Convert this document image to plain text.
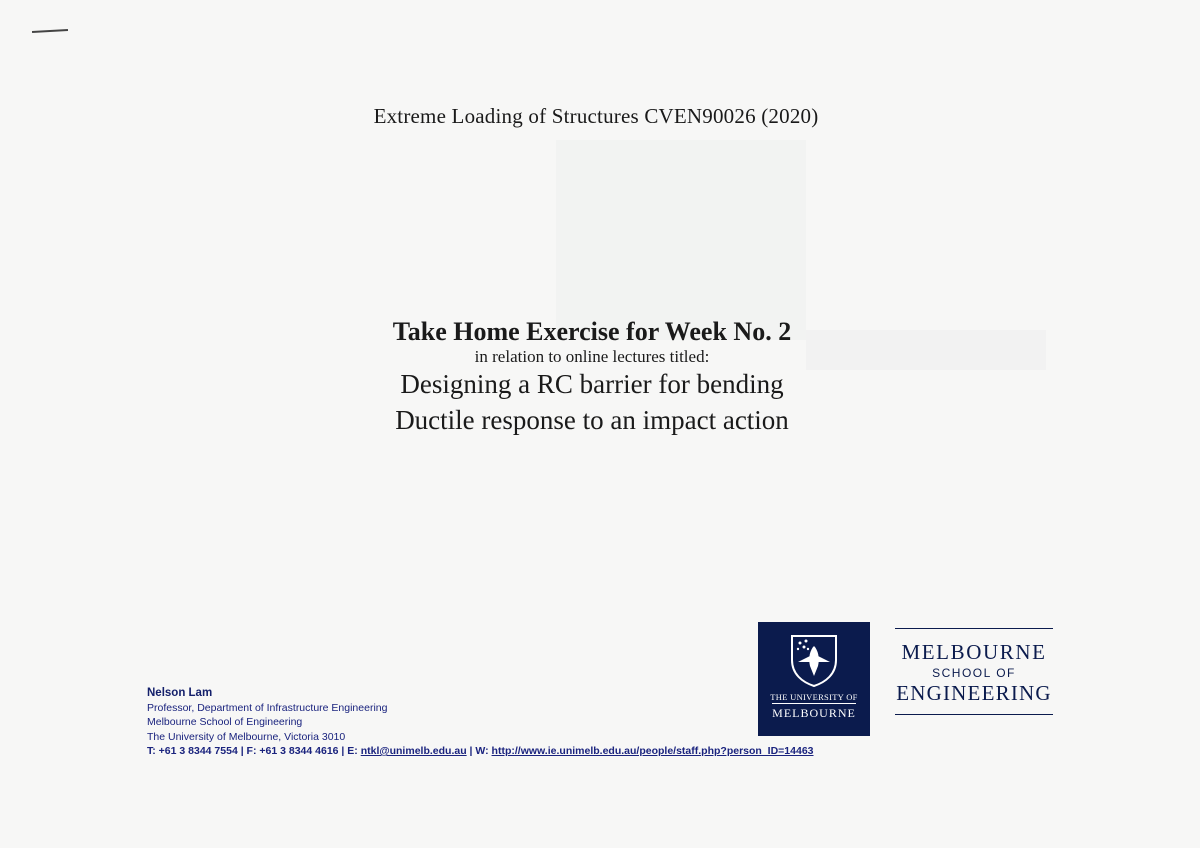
Extreme Loading of Structures CVEN90026 (2020)

Take Home Exercise for Week No. 2

in relation to online lectures titled:

Designing a RC barrier for bending

Ductile response to an impact action

Nelson Lam
Professor, Department of Infrastructure Engineering
Melbourne School of Engineering
The University of Melbourne, Victoria 3010
T: +61 3 8344 7554 | F: +61 3 8344 4616 | E: ntkl@unimelb.edu.au | W: http://www.ie.unimelb.edu.au/people/staff.php?person_ID=14463
THE UNIVERSITY OF
MELBOURNE
MELBOURNE
SCHOOL OF
ENGINEERING
